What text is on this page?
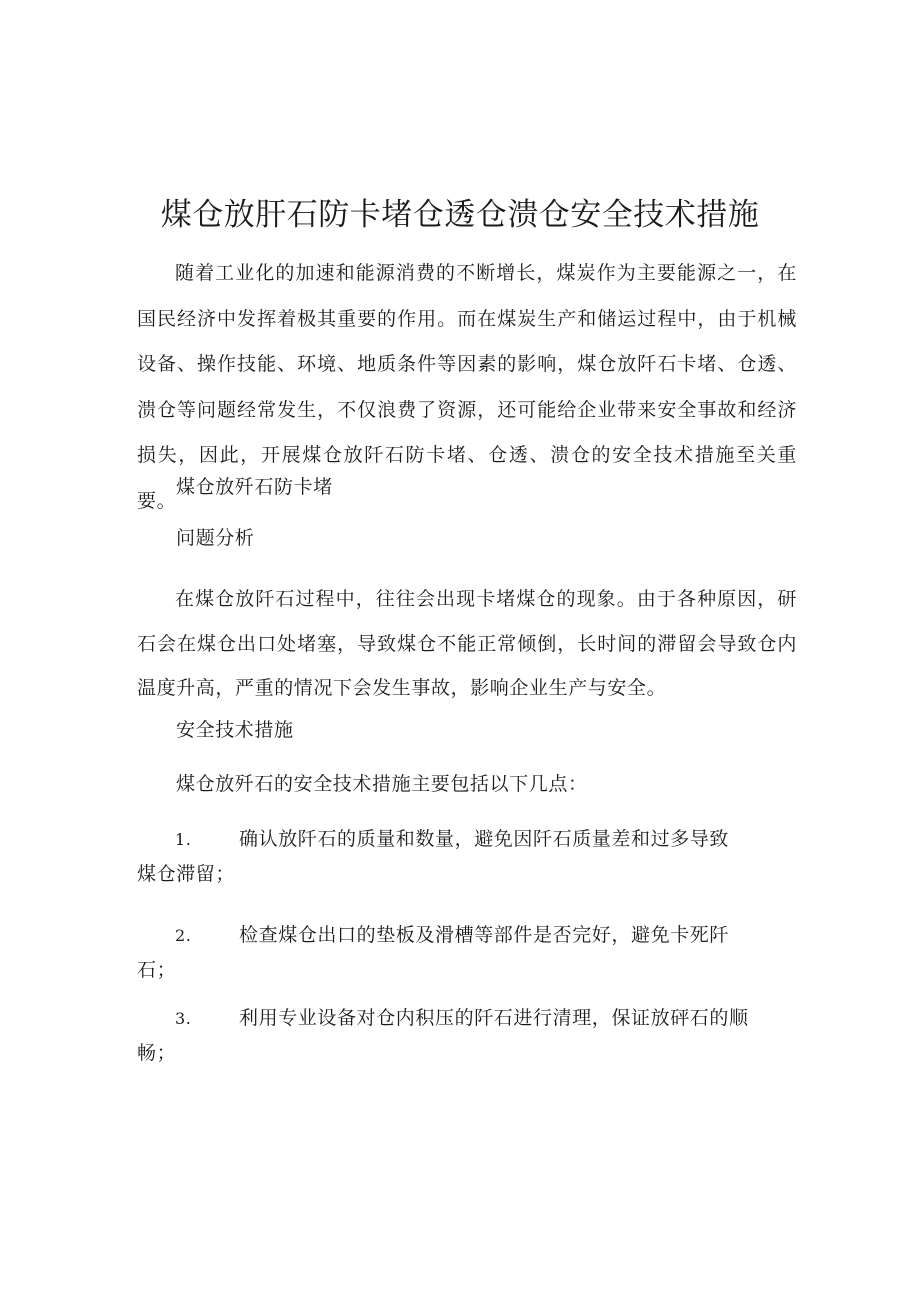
煤仓放肝石防卡堵仓透仓溃仓安全技术措施

随着工业化的加速和能源消费的不断增长，煤炭作为主要能源之一，在国民经济中发挥着极其重要的作用。而在煤炭生产和储运过程中，由于机械设备、操作技能、环境、地质条件等因素的影响，煤仓放阡石卡堵、仓透、溃仓等问题经常发生，不仅浪费了资源，还可能给企业带来安全事故和经济损失，因此，开展煤仓放阡石防卡堵、仓透、溃仓的安全技术措施至关重要。

煤仓放歼石防卡堵

问题分析

在煤仓放阡石过程中，往往会出现卡堵煤仓的现象。由于各种原因，研石会在煤仓出口处堵塞，导致煤仓不能正常倾倒，长时间的滞留会导致仓内温度升高，严重的情况下会发生事故，影响企业生产与安全。

安全技术措施

煤仓放歼石的安全技术措施主要包括以下几点：

1.	确认放阡石的质量和数量，避免因阡石质量差和过多导致
煤仓滞留；
2.	检查煤仓出口的垫板及滑槽等部件是否完好，避免卡死阡
石；
3.	利用专业设备对仓内积压的阡石进行清理，保证放砰石的顺
畅；
